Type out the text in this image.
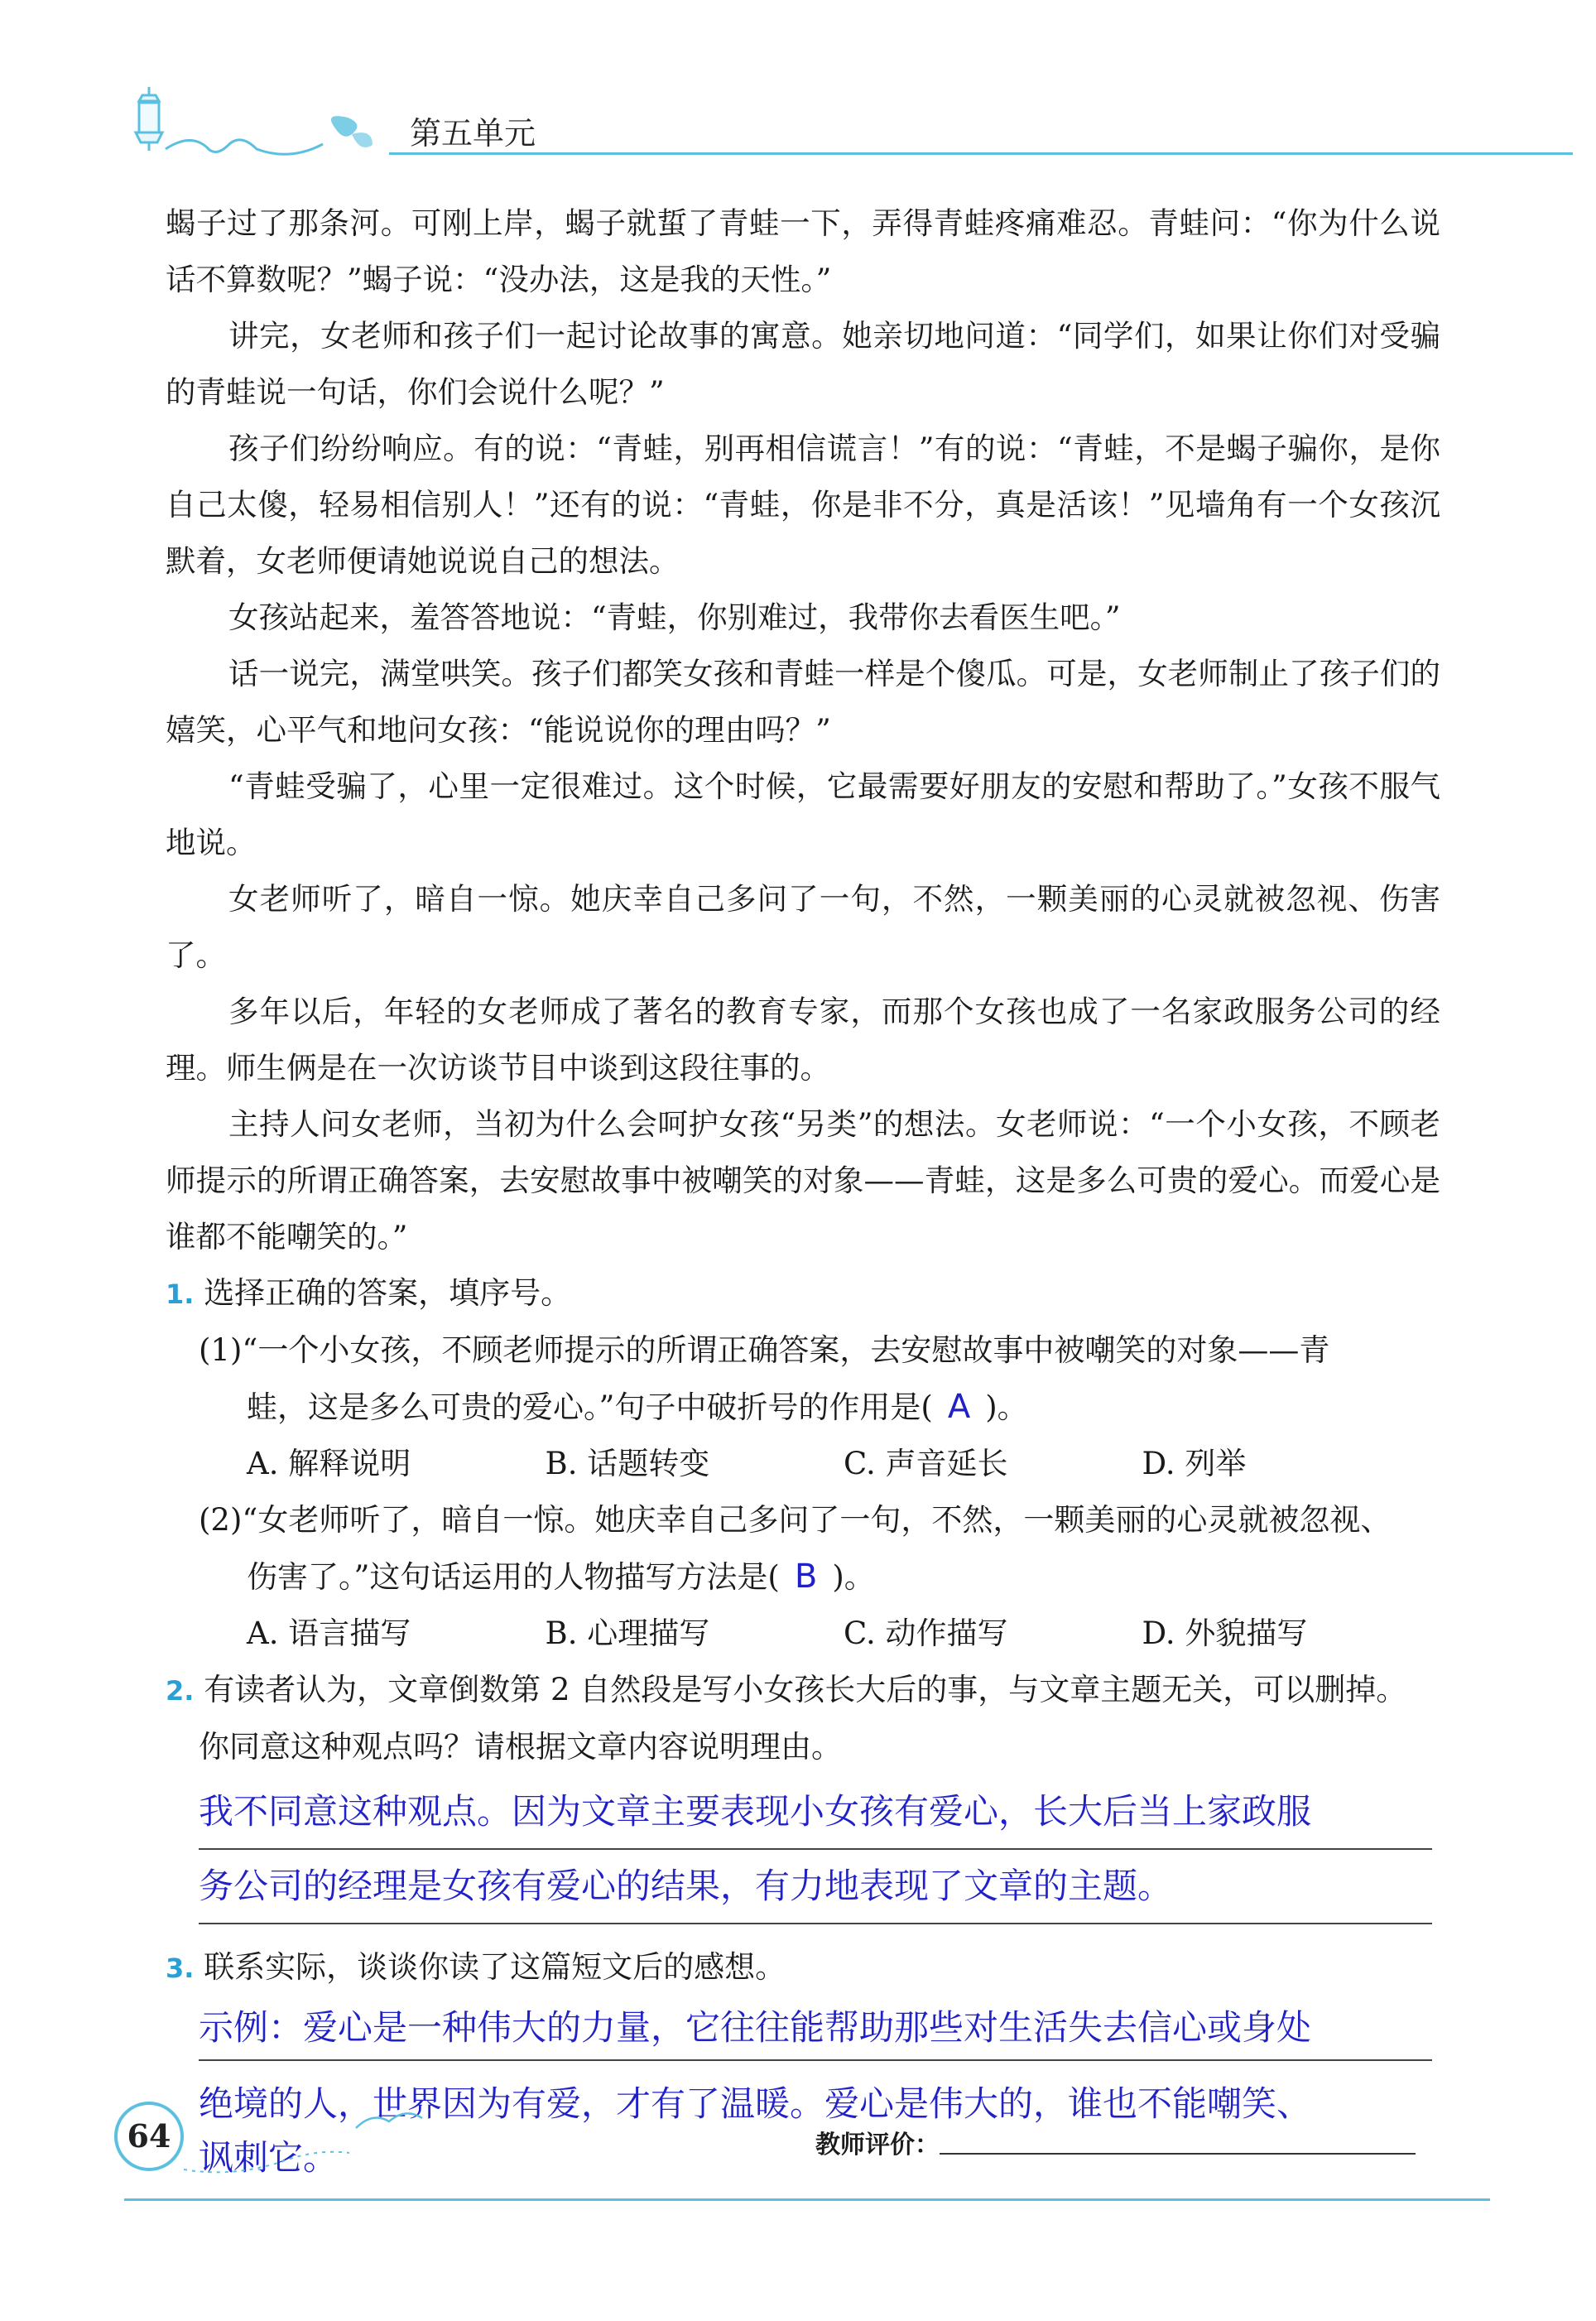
第五单元

蝎子过了那条河。可刚上岸，蝎子就蜇了青蛙一下，弄得青蛙疼痛难忍。青蛙问：“你为什么说话不算数呢？”蝎子说：“没办法，这是我的天性。”

讲完，女老师和孩子们一起讨论故事的寓意。她亲切地问道：“同学们，如果让你们对受骗的青蛙说一句话，你们会说什么呢？”

孩子们纷纷响应。有的说：“青蛙，别再相信谎言！”有的说：“青蛙，不是蝎子骗你，是你自己太傻，轻易相信别人！”还有的说：“青蛙，你是非不分，真是活该！”见墙角有一个女孩沉默着，女老师便请她说说自己的想法。

女孩站起来，羞答答地说：“青蛙，你别难过，我带你去看医生吧。”

话一说完，满堂哄笑。孩子们都笑女孩和青蛙一样是个傻瓜。可是，女老师制止了孩子们的嬉笑，心平气和地问女孩：“能说说你的理由吗？”

“青蛙受骗了，心里一定很难过。这个时候，它最需要好朋友的安慰和帮助了。”女孩不服气地说。

女老师听了，暗自一惊。她庆幸自己多问了一句，不然，一颗美丽的心灵就被忽视、伤害了。

多年以后，年轻的女老师成了著名的教育专家，而那个女孩也成了一名家政服务公司的经理。师生俩是在一次访谈节目中谈到这段往事的。

主持人问女老师，当初为什么会呵护女孩“另类”的想法。女老师说：“一个小女孩，不顾老师提示的所谓正确答案，去安慰故事中被嘲笑的对象——青蛙，这是多么可贵的爱心。而爱心是谁都不能嘲笑的。”

1. 选择正确的答案，填序号。
(1)“一个小女孩，不顾老师提示的所谓正确答案，去安慰故事中被嘲笑的对象——青
蛙，这是多么可贵的爱心。”句子中破折号的作用是( A )。
A. 解释说明	B. 话题转变	C. 声音延长	D. 列举
(2)“女老师听了，暗自一惊。她庆幸自己多问了一句，不然，一颗美丽的心灵就被忽视、
伤害了。”这句话运用的人物描写方法是( B )。
A. 语言描写	B. 心理描写	C. 动作描写	D. 外貌描写
2. 有读者认为，文章倒数第 2 自然段是写小女孩长大后的事，与文章主题无关，可以删掉。
你同意这种观点吗？请根据文章内容说明理由。
我不同意这种观点。因为文章主要表现小女孩有爱心，长大后当上家政服
务公司的经理是女孩有爱心的结果，有力地表现了文章的主题。
3. 联系实际，谈谈你读了这篇短文后的感想。
示例：爱心是一种伟大的力量，它往往能帮助那些对生活失去信心或身处
绝境的人，世界因为有爱，才有了温暖。爱心是伟大的，谁也不能嘲笑、
讽刺它。
64	教师评价：
